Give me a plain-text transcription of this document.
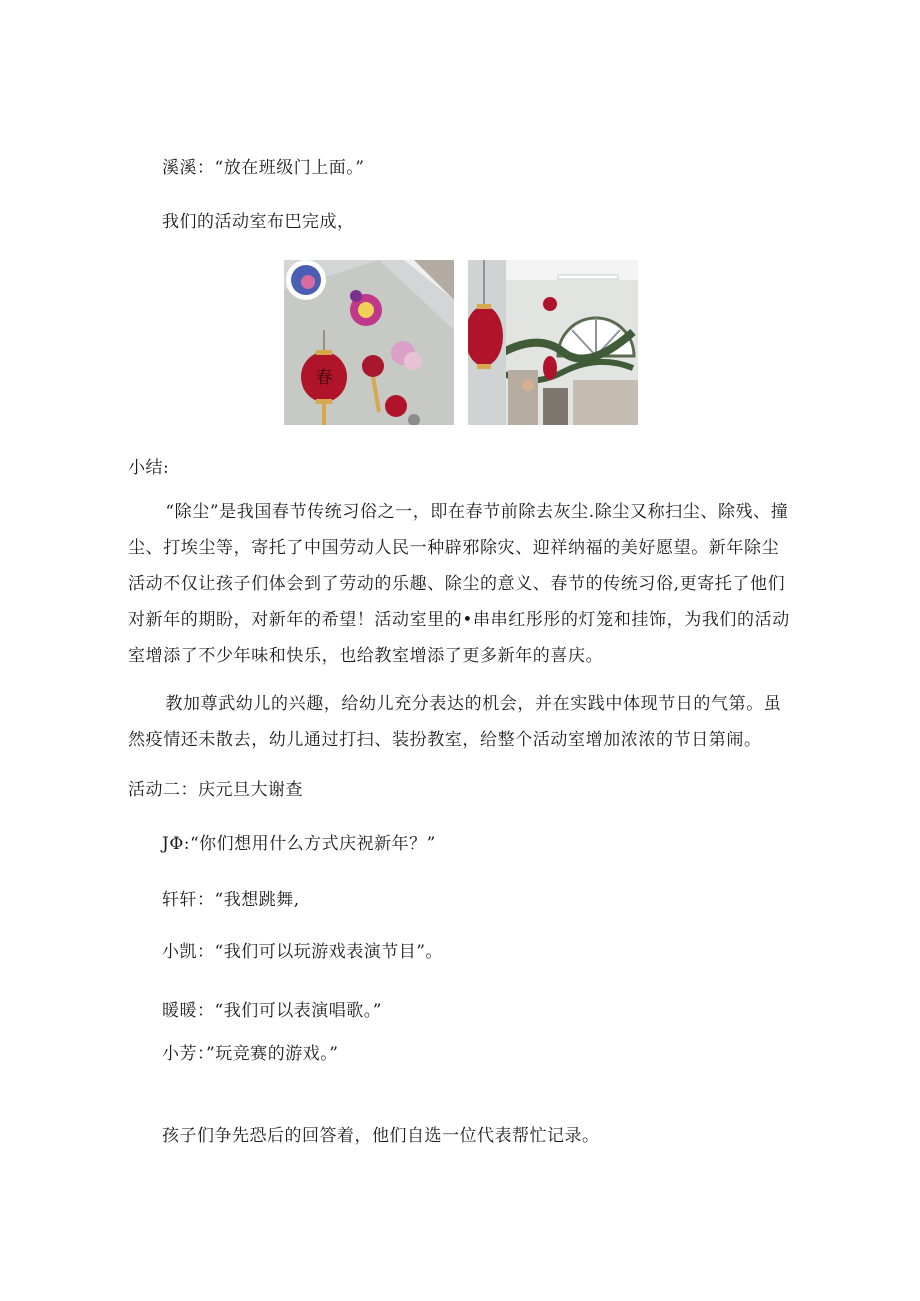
溪溪：“放在班级门上面。”
我们的活动室布巴完成，
春
小结:
“除尘”是我国春节传统习俗之一，即在春节前除去灰尘.除尘又称扫尘、除残、撞尘、打埃尘等，寄托了中国劳动人民一种辟邪除灾、迎祥纳福的美好愿望。新年除尘活动不仅让孩子们体会到了劳动的乐趣、除尘的意义、春节的传统习俗,更寄托了他们对新年的期盼，对新年的希望！活动室里的•串串红彤彤的灯笼和挂饰，为我们的活动室增添了不少年味和快乐，也给教室增添了更多新年的喜庆。
教加尊武幼儿的兴趣，给幼儿充分表达的机会，并在实践中体现节日的气第。虽然疫情还未散去，幼儿通过打扫、装扮教室，给整个活动室增加浓浓的节日第闹。
活动二：庆元旦大谢查
JΦ:“你们想用什么方式庆祝新年？”
轩轩：“我想跳舞,
小凯：“我们可以玩游戏表演节目”。
暖暖：“我们可以表演唱歌。”
小芳：”玩竞赛的游戏。”
孩子们争先恐后的回答着，他们自选一位代表帮忙记录。
